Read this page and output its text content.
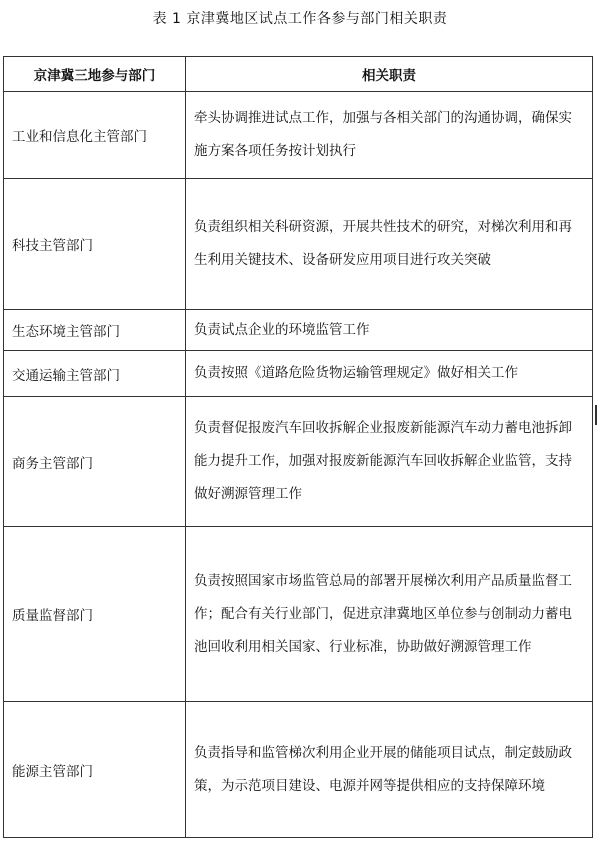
表 1 京津冀地区试点工作各参与部门相关职责
京津冀三地参与部门	相关职责
工业和信息化主管部门	牵头协调推进试点工作，加强与各相关部门的沟通协调，确保实施方案各项任务按计划执行
科技主管部门	负责组织相关科研资源，开展共性技术的研究，对梯次利用和再生利用关键技术、设备研发应用项目进行攻关突破
生态环境主管部门	负责试点企业的环境监管工作
交通运输主管部门	负责按照《道路危险货物运输管理规定》做好相关工作
商务主管部门	负责督促报废汽车回收拆解企业报废新能源汽车动力蓄电池拆卸能力提升工作，加强对报废新能源汽车回收拆解企业监管，支持做好溯源管理工作
质量监督部门	负责按照国家市场监管总局的部署开展梯次利用产品质量监督工作；配合有关行业部门，促进京津冀地区单位参与创制动力蓄电池回收利用相关国家、行业标准，协助做好溯源管理工作
能源主管部门	负责指导和监管梯次利用企业开展的储能项目试点，制定鼓励政策，为示范项目建设、电源并网等提供相应的支持保障环境
